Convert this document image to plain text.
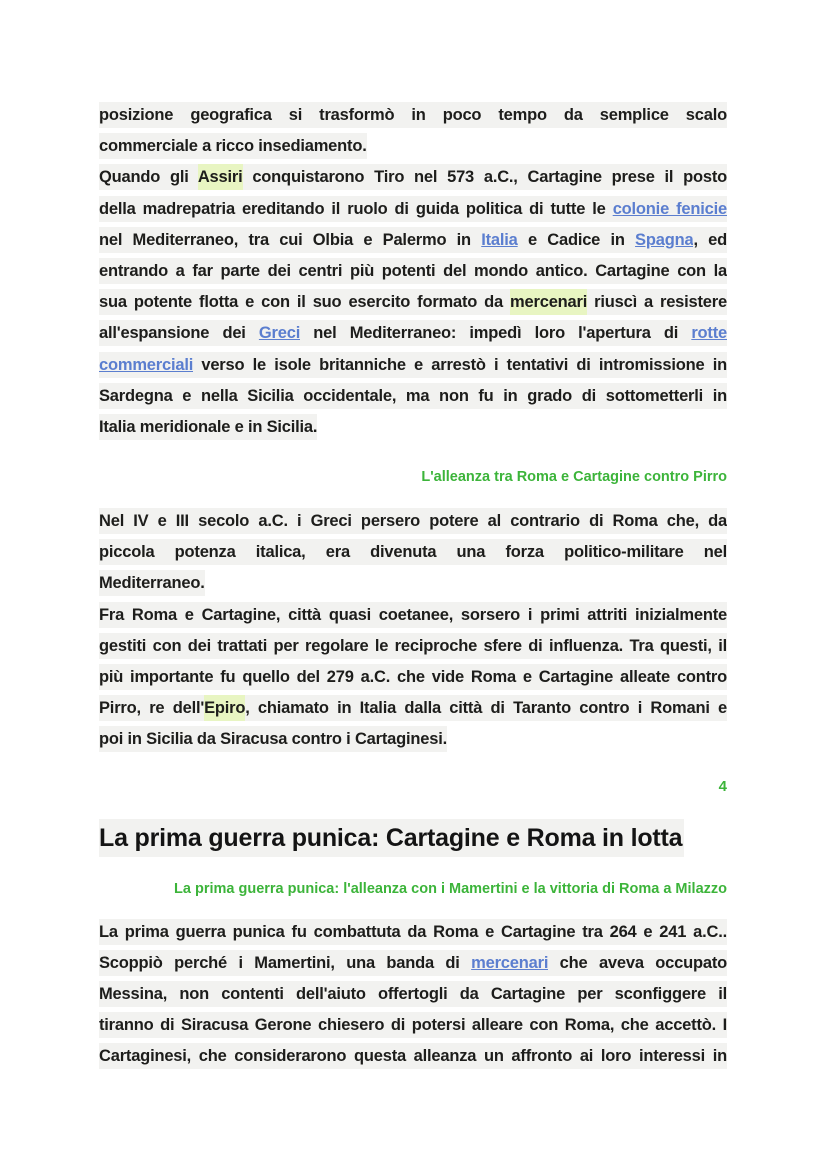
posizione geografica si trasformò in poco tempo da semplice scalo
commerciale a ricco insediamento.
Quando gli Assiri conquistarono Tiro nel 573 a.C., Cartagine prese il posto
della madrepatria ereditando il ruolo di guida politica di tutte le colonie fenicie
nel Mediterraneo, tra cui Olbia e Palermo in Italia e Cadice in Spagna, ed
entrando a far parte dei centri più potenti del mondo antico. Cartagine con la
sua potente flotta e con il suo esercito formato da mercenari riuscì a resistere
all'espansione dei Greci nel Mediterraneo: impedì loro l'apertura di rotte
commerciali verso le isole britanniche e arrestò i tentativi di intromissione in
Sardegna e nella Sicilia occidentale, ma non fu in grado di sottometterli in
Italia meridionale e in Sicilia.
L'alleanza tra Roma e Cartagine contro Pirro
Nel IV e III secolo a.C. i Greci persero potere al contrario di Roma che, da
piccola potenza italica, era divenuta una forza politico-militare nel
Mediterraneo.
Fra Roma e Cartagine, città quasi coetanee, sorsero i primi attriti inizialmente
gestiti con dei trattati per regolare le reciproche sfere di influenza. Tra questi, il
più importante fu quello del 279 a.C. che vide Roma e Cartagine alleate contro
Pirro, re dell'Epiro, chiamato in Italia dalla città di Taranto contro i Romani e
poi in Sicilia da Siracusa contro i Cartaginesi.
4
La prima guerra punica: Cartagine e Roma in lotta
La prima guerra punica: l'alleanza con i Mamertini e la vittoria di Roma a Milazzo
La prima guerra punica fu combattuta da Roma e Cartagine tra 264 e 241 a.C..
Scoppiò perché i Mamertini, una banda di mercenari che aveva occupato
Messina, non contenti dell'aiuto offertogli da Cartagine per sconfiggere il
tiranno di Siracusa Gerone chiesero di potersi alleare con Roma, che accettò. I
Cartaginesi, che considerarono questa alleanza un affronto ai loro interessi in
